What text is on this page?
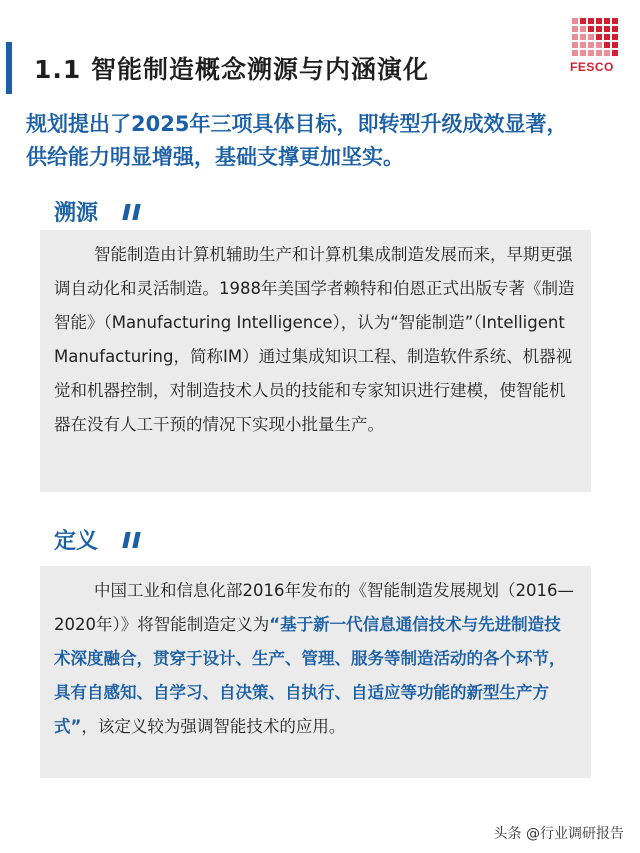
1.1 智能制造概念溯源与内涵演化	FESCO
规划提出了2025年三项具体目标，即转型升级成效显著，供给能力明显增强，基础支撑更加坚实。
溯源
智能制造由计算机辅助生产和计算机集成制造发展而来，早期更强调自动化和灵活制造。1988年美国学者赖特和伯恩正式出版专著《制造智能》（Manufacturing Intelligence），认为“智能制造”（Intelligent Manufacturing，简称IM）通过集成知识工程、制造软件系统、机器视觉和机器控制，对制造技术人员的技能和专家知识进行建模，使智能机器在没有人工干预的情况下实现小批量生产。
定义
中国工业和信息化部2016年发布的《智能制造发展规划（2016—2020年）》将智能制造定义为“基于新一代信息通信技术与先进制造技术深度融合，贯穿于设计、生产、管理、服务等制造活动的各个环节，具有自感知、自学习、自决策、自执行、自适应等功能的新型生产方式”，该定义较为强调智能技术的应用。
头条 @行业调研报告
